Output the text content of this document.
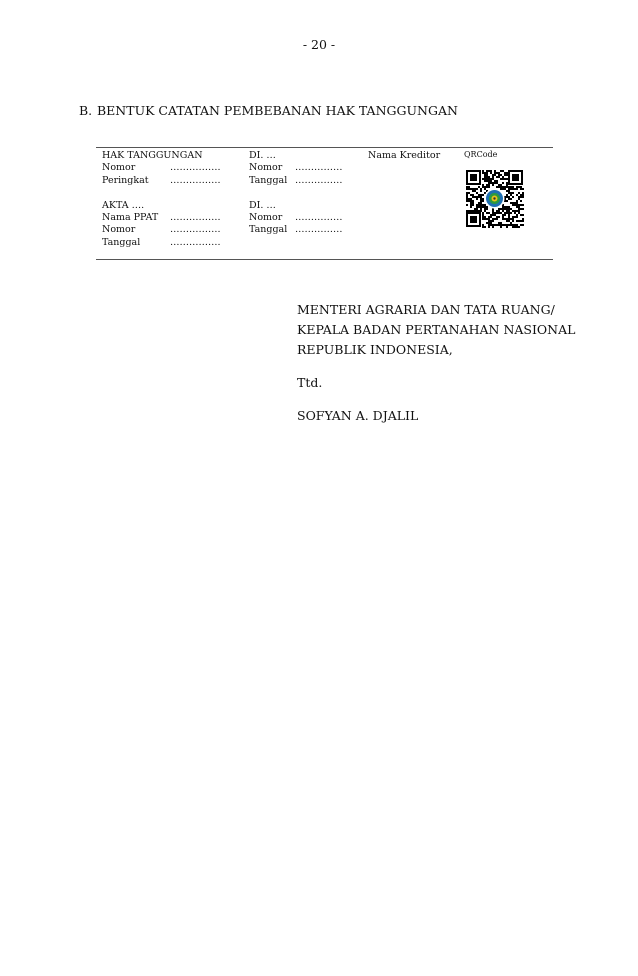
- 20 -
B. BENTUK CATATAN PEMBEBANAN HAK TANGGUNGAN
HAK TANGGUNGAN
Nomor	…………….
Peringkat	…………….
AKTA ….
Nama PPAT	…………….
Nomor	…………….
Tanggal	…………….
DI. …
Nomor	……………
Tanggal ……………
DI. …
Nomor	……………
Tanggal ……………
Nama Kreditor	QRCode
MENTERI AGRARIA DAN TATA RUANG/
KEPALA BADAN PERTANAHAN NASIONAL
REPUBLIK INDONESIA,
Ttd.
SOFYAN A. DJALIL
